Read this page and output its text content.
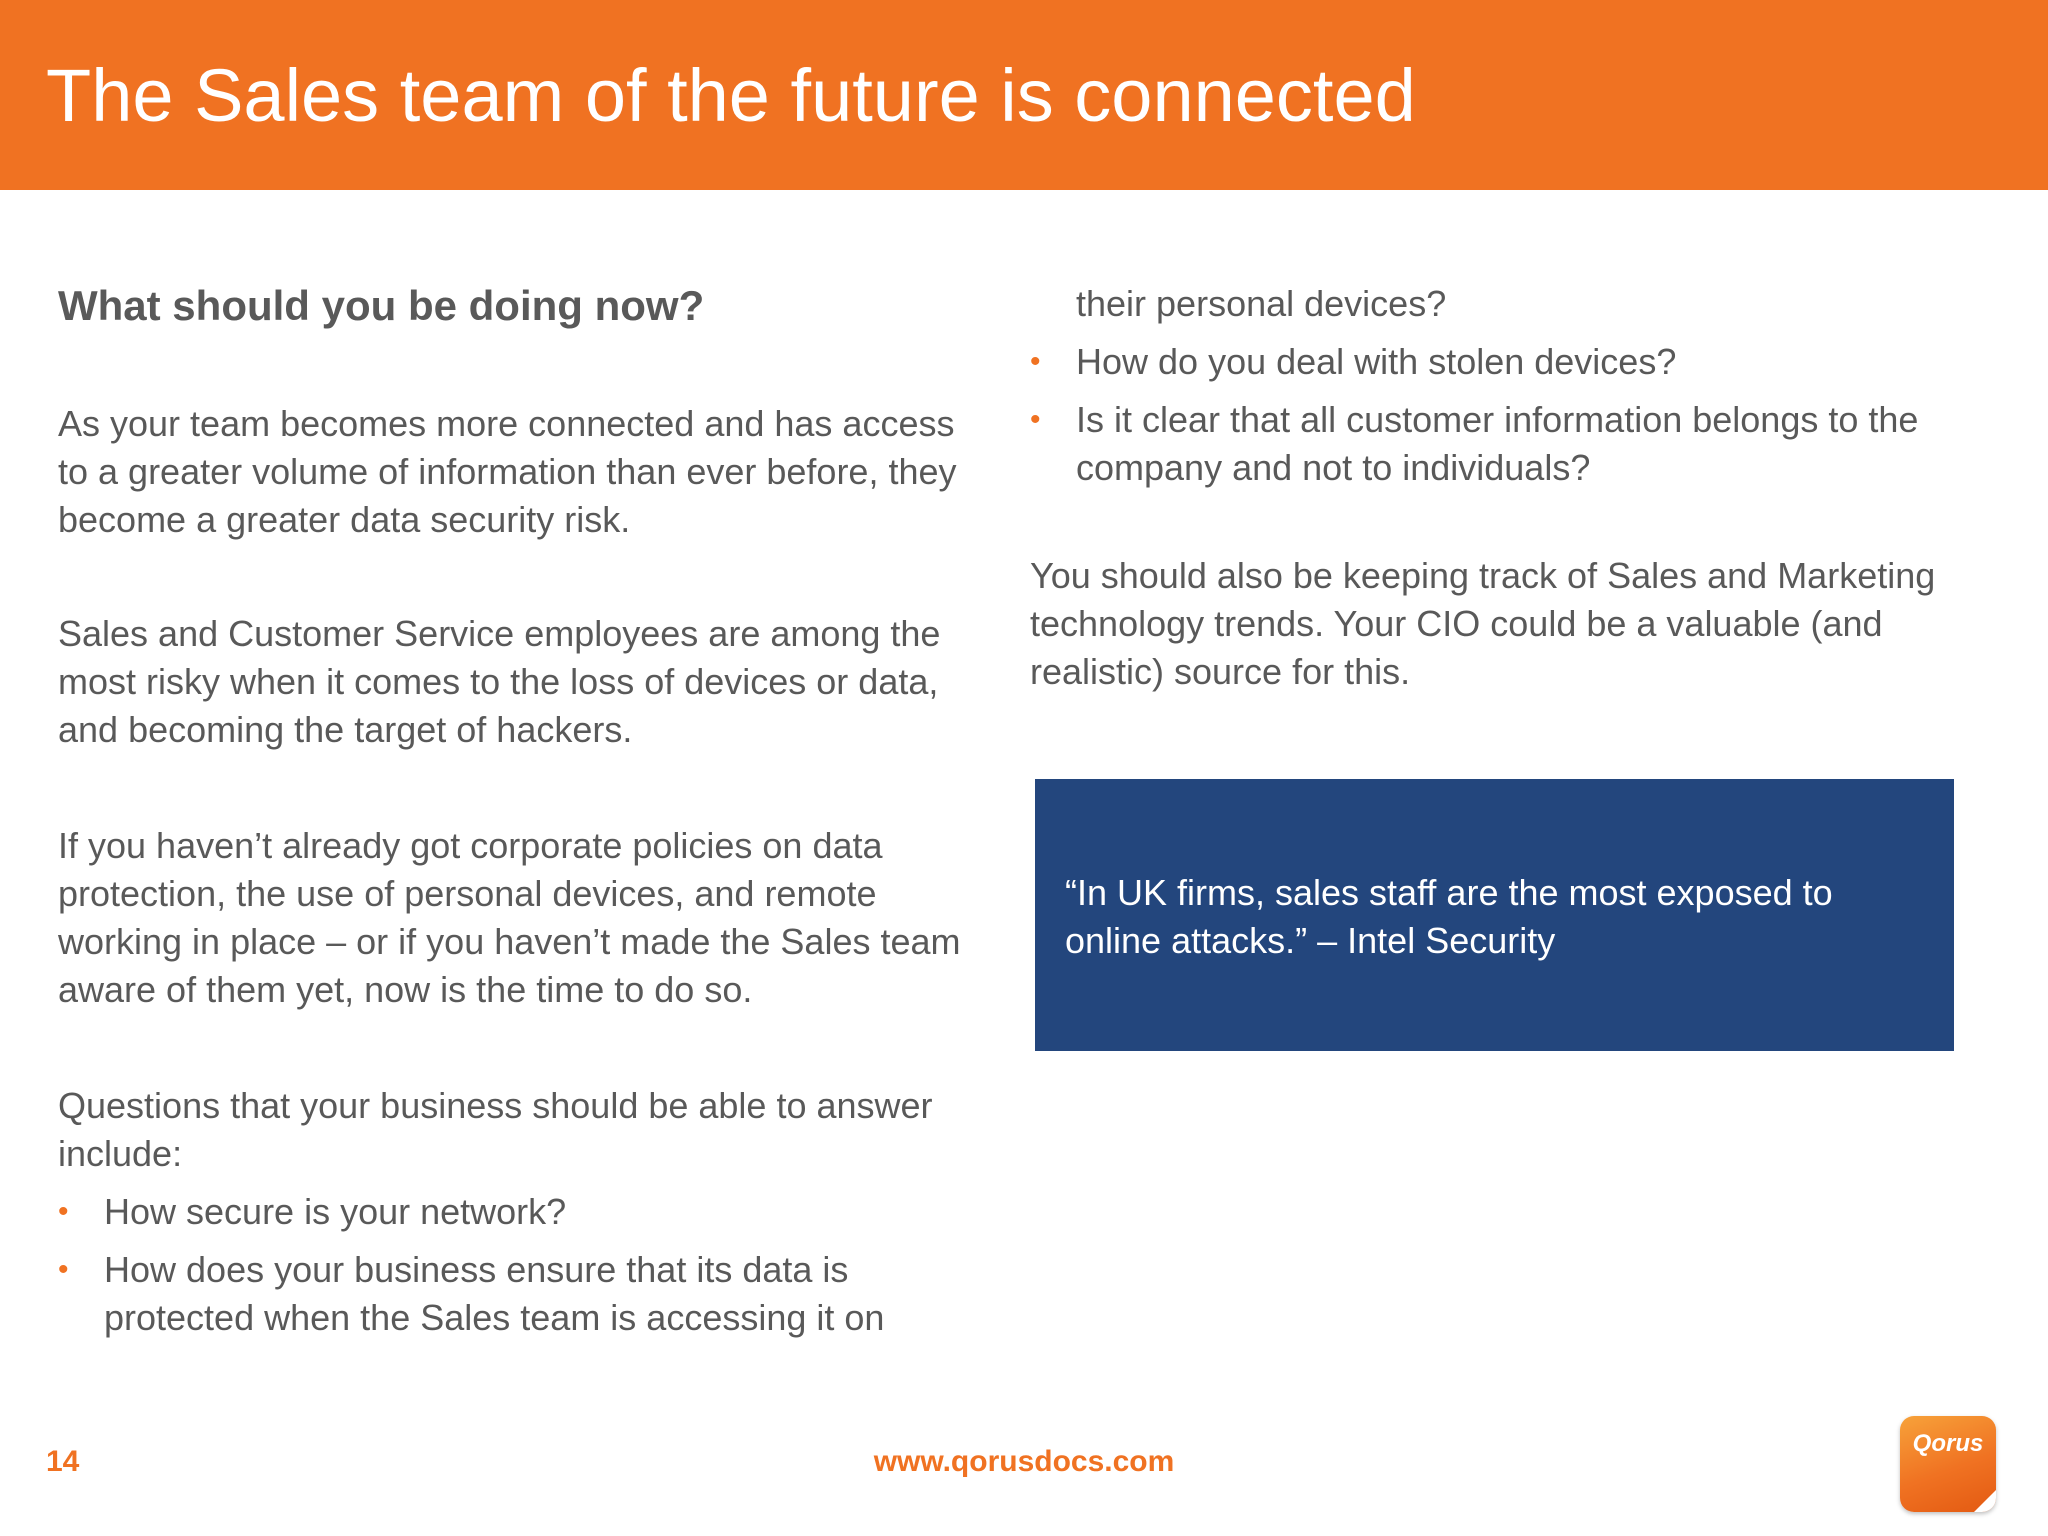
The Sales team of the future is connected
What should you be doing now?

As your team becomes more connected and has access to a greater volume of information than ever before, they become a greater data security risk.

Sales and Customer Service employees are among the most risky when it comes to the loss of devices or data, and becoming the target of hackers.

If you haven’t already got corporate policies on data protection, the use of personal devices, and remote working in place – or if you haven’t made the Sales team aware of them yet, now is the time to do so.

Questions that your business should be able to answer include:

• How secure is your network?
• How does your business ensure that its data is protected when the Sales team is accessing it on

their personal devices?

• How do you deal with stolen devices?
• Is it clear that all customer information belongs to the company and not to individuals?

You should also be keeping track of Sales and Marketing technology trends. Your CIO could be a valuable (and realistic) source for this.

“In UK firms, sales staff are the most exposed to online attacks.” – Intel Security
14	www.qorusdocs.com
Qorus
